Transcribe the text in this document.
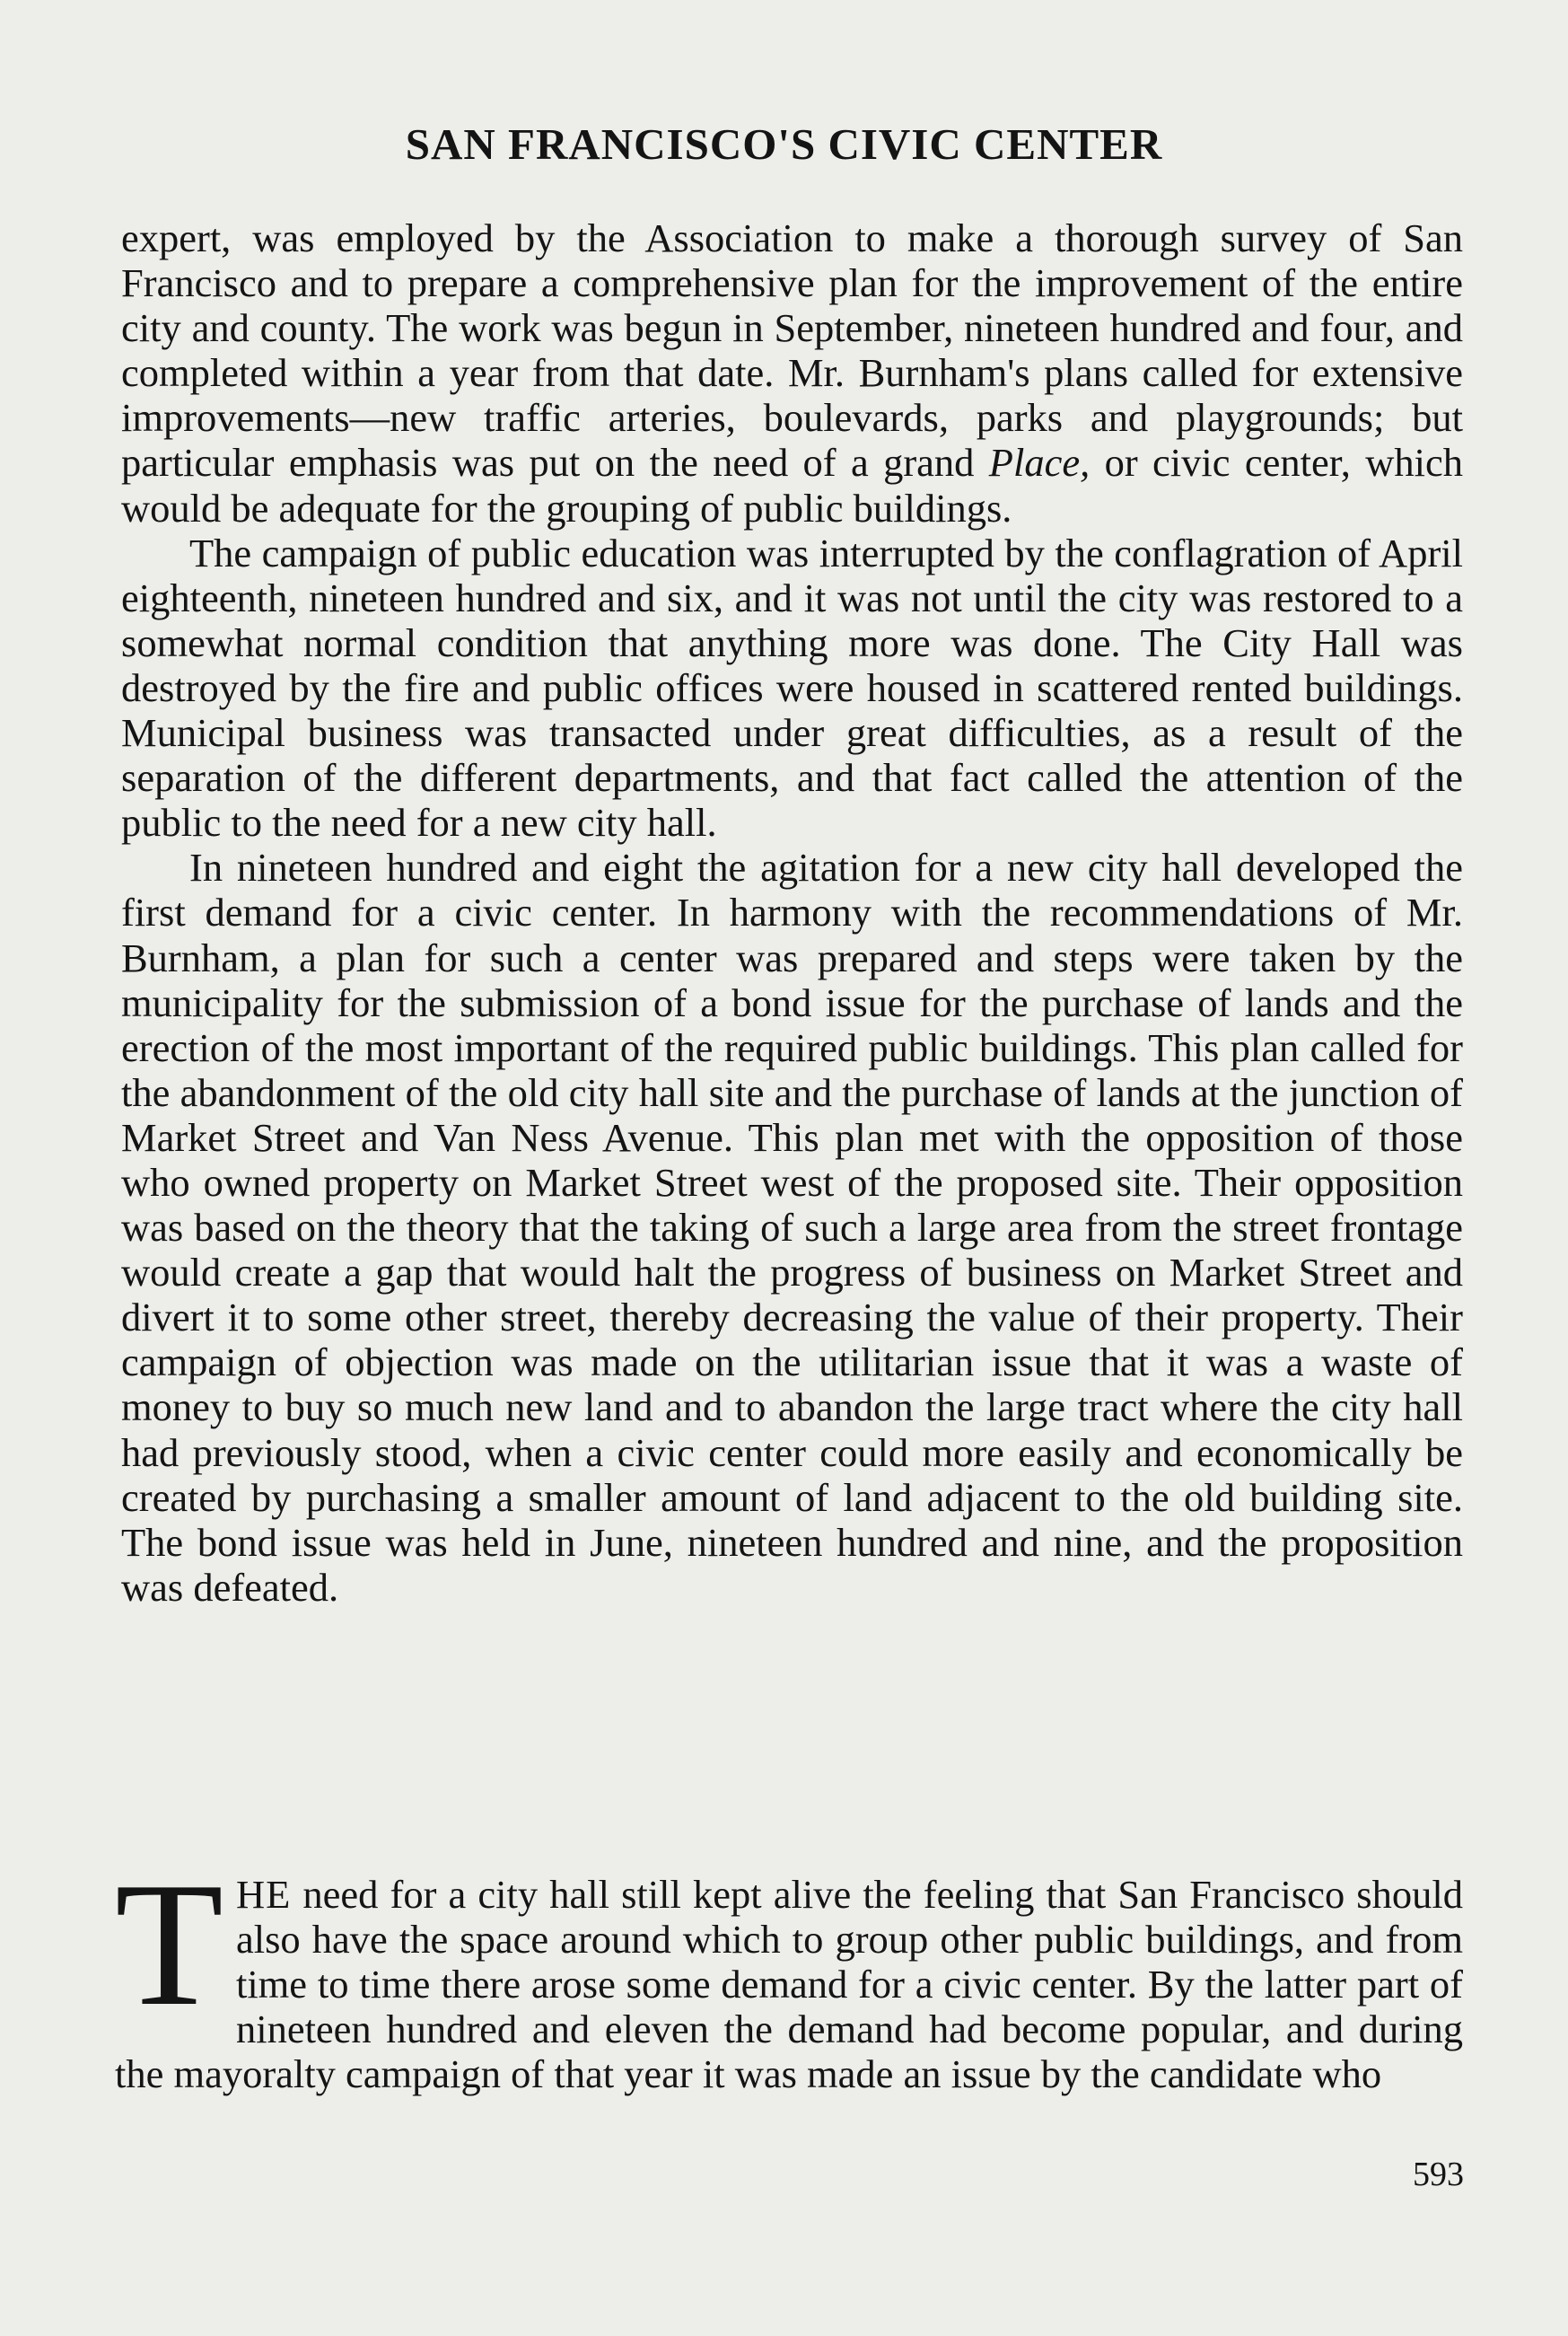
SAN FRANCISCO'S CIVIC CENTER

expert, was employed by the Association to make a thorough survey of San Francisco and to prepare a comprehensive plan for the improvement of the entire city and county. The work was begun in September, nineteen hundred and four, and completed within a year from that date. Mr. Burnham's plans called for extensive improvements—new traffic arteries, boulevards, parks and playgrounds; but particular emphasis was put on the need of a grand Place, or civic center, which would be adequate for the grouping of public buildings.

The campaign of public education was interrupted by the conflagration of April eighteenth, nineteen hundred and six, and it was not until the city was restored to a somewhat normal condition that anything more was done. The City Hall was destroyed by the fire and public offices were housed in scattered rented buildings. Municipal business was transacted under great difficulties, as a result of the separation of the different departments, and that fact called the attention of the public to the need for a new city hall.

In nineteen hundred and eight the agitation for a new city hall developed the first demand for a civic center. In harmony with the recommendations of Mr. Burnham, a plan for such a center was prepared and steps were taken by the municipality for the submission of a bond issue for the purchase of lands and the erection of the most important of the required public buildings. This plan called for the abandonment of the old city hall site and the purchase of lands at the junction of Market Street and Van Ness Avenue. This plan met with the opposition of those who owned property on Market Street west of the proposed site. Their opposition was based on the theory that the taking of such a large area from the street frontage would create a gap that would halt the progress of business on Market Street and divert it to some other street, thereby decreasing the value of their property. Their campaign of objection was made on the utilitarian issue that it was a waste of money to buy so much new land and to abandon the large tract where the city hall had previously stood, when a civic center could more easily and economically be created by purchasing a smaller amount of land adjacent to the old building site. The bond issue was held in June, nineteen hundred and nine, and the proposition was defeated.

THE need for a city hall still kept alive the feeling that San Francisco should also have the space around which to group other public buildings, and from time to time there arose some demand for a civic center. By the latter part of nineteen hundred and eleven the demand had become popular, and during the mayoralty campaign of that year it was made an issue by the candidate who
593
